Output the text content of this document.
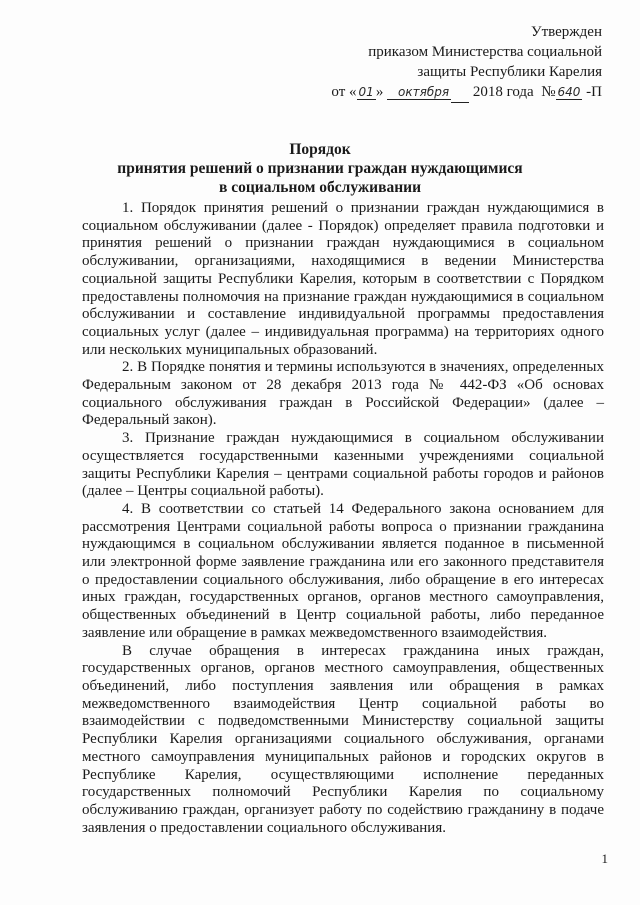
Утвержден
приказом Министерства социальной
защиты Республики Карелия
от « 01 » октября 2018 года № 640 -П
Порядок
принятия решений о признании граждан нуждающимися
в социальном обслуживании

1. Порядок принятия решений о признании граждан нуждающимися в социальном обслуживании (далее - Порядок) определяет правила подготовки и принятия решений о признании граждан нуждающимися в социальном обслуживании, организациями, находящимися в ведении Министерства социальной защиты Республики Карелия, которым в соответствии с Порядком предоставлены полномочия на признание граждан нуждающимися в социальном обслуживании и составление индивидуальной программы предоставления социальных услуг (далее – индивидуальная программа) на территориях одного или нескольких муниципальных образований.

2. В Порядке понятия и термины используются в значениях, определенных Федеральным законом от 28 декабря 2013 года № 442-ФЗ «Об основах социального обслуживания граждан в Российской Федерации» (далее – Федеральный закон).

3. Признание граждан нуждающимися в социальном обслуживании осуществляется государственными казенными учреждениями социальной защиты Республики Карелия – центрами социальной работы городов и районов (далее – Центры социальной работы).

4. В соответствии со статьей 14 Федерального закона основанием для рассмотрения Центрами социальной работы вопроса о признании гражданина нуждающимся в социальном обслуживании является поданное в письменной или электронной форме заявление гражданина или его законного представителя о предоставлении социального обслуживания, либо обращение в его интересах иных граждан, государственных органов, органов местного самоуправления, общественных объединений в Центр социальной работы, либо переданное заявление или обращение в рамках межведомственного взаимодействия.

В случае обращения в интересах гражданина иных граждан, государственных органов, органов местного самоуправления, общественных объединений, либо поступления заявления или обращения в рамках межведомственного взаимодействия Центр социальной работы во взаимодействии с подведомственными Министерству социальной защиты Республики Карелия организациями социального обслуживания, органами местного самоуправления муниципальных районов и городских округов в Республике Карелия, осуществляющими исполнение переданных государственных полномочий Республики Карелия по социальному обслуживанию граждан, организует работу по содействию гражданину в подаче заявления о предоставлении социального обслуживания.

1
